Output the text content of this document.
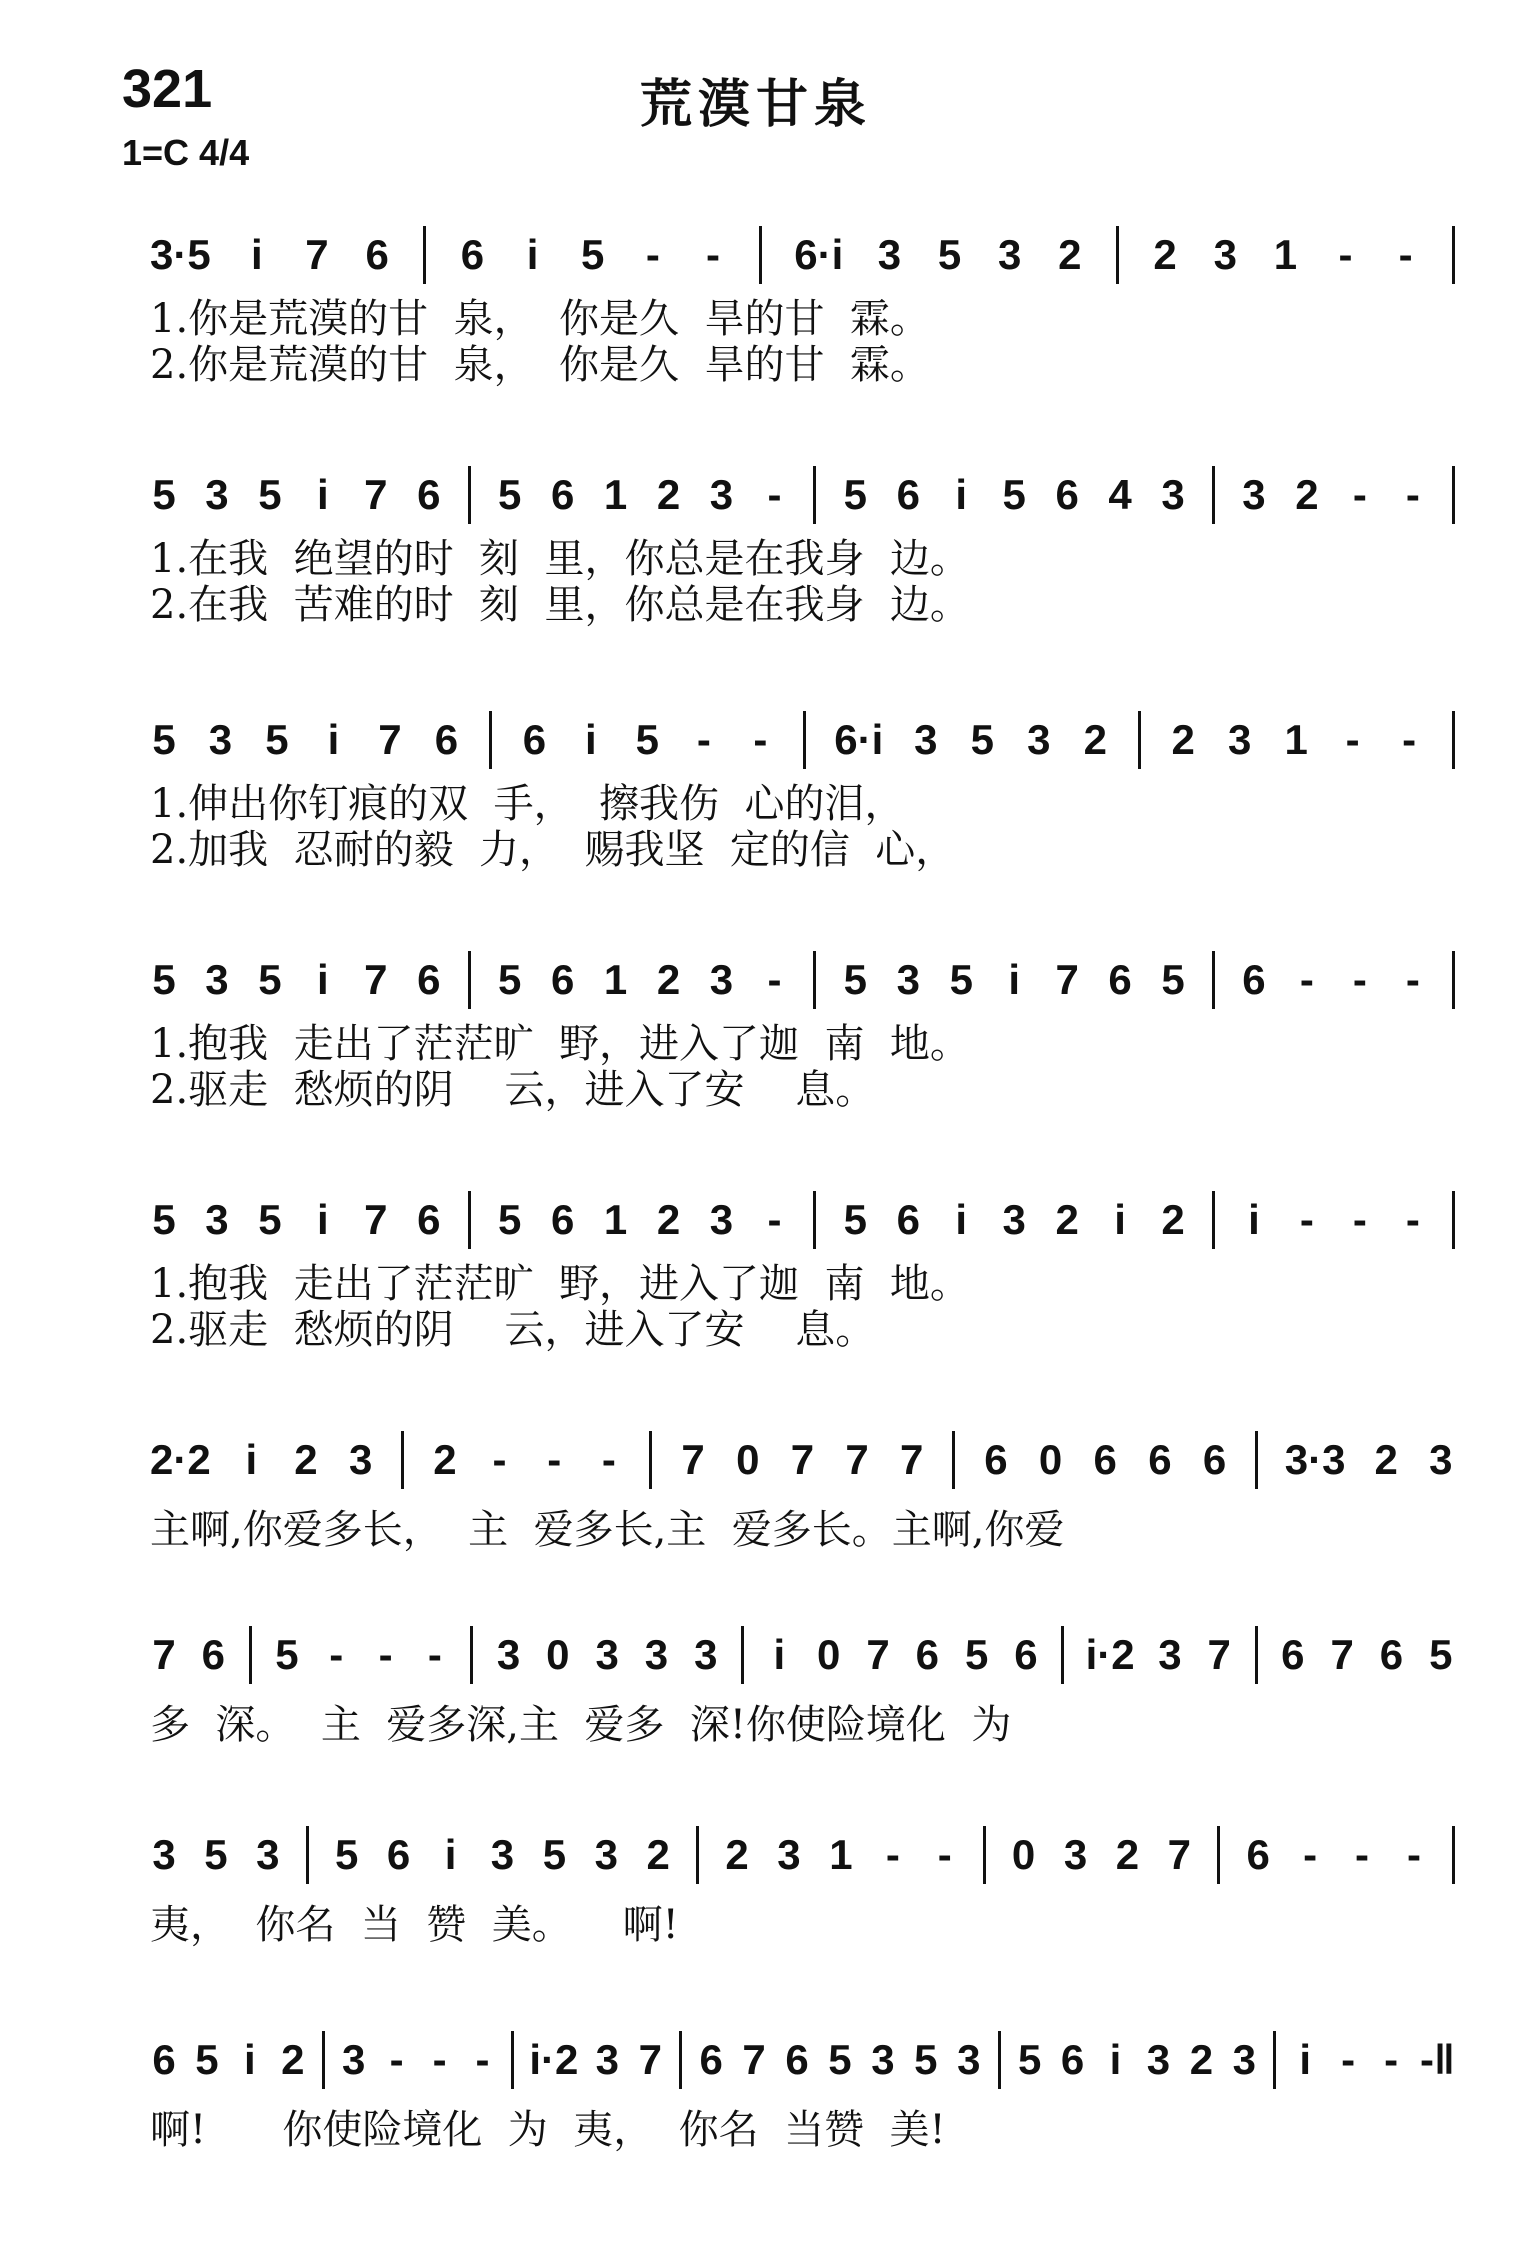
321	荒漠甘泉
1=C 4/4
3·5 i 7 6 6 i 5 - - 6·i 3 5 3 2 2 3 1 - -
1.你是荒漠的甘  泉，  你是久  旱的甘  霖。
2.你是荒漠的甘  泉，  你是久  旱的甘  霖。
5 3 5 i 7 6 5 6 1 2 3 - 5 6 i 5 6 4 3 3 2 - -
1.在我  绝望的时  刻  里，你总是在我身  边。
2.在我  苦难的时  刻  里，你总是在我身  边。
5 3 5 i 7 6 6 i 5 - - 6·i 3 5 3 2 2 3 1 - -
1.伸出你钉痕的双  手，  擦我伤  心的泪，
2.加我  忍耐的毅  力，  赐我坚  定的信  心，
5 3 5 i 7 6 5 6 1 2 3 - 5 3 5 i 7 6 5 6 - - -
1.抱我  走出了茫茫旷  野，进入了迦  南  地。
2.驱走  愁烦的阴    云，进入了安    息。
5 3 5 i 7 6 5 6 1 2 3 - 5 6 i 3 2 i 2 i - - -
1.抱我  走出了茫茫旷  野，进入了迦  南  地。
2.驱走  愁烦的阴    云，进入了安    息。
2·2 i 2 3 2 - - - 7 0 7 7 7 6 0 6 6 6 3·3 2 3
主啊,你爱多长，  主  爱多长,主  爱多长。主啊,你爱
7 6 5 - - - 3 0 3 3 3 i 0 7 6 5 6 i·2 3 7 6 7 6 5
多  深。  主  爱多深,主  爱多  深!你使险境化  为
3 5 3 5 6 i 3 5 3 2 2 3 1 - - 0 3 2 7 6 - - -
夷，  你名  当  赞  美。    啊!
6 5 i 2 3 - - - i·2 3 7 6 7 6 5 3 5 3 5 6 i 3 2 3 i - - -‖
啊!      你使险境化  为  夷，  你名  当赞  美!
